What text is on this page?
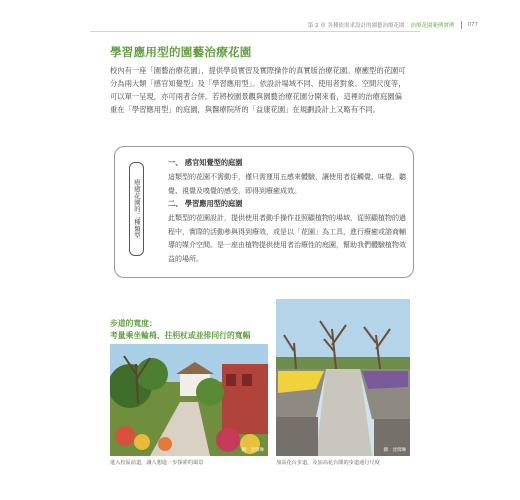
第 2 章 各種依需求設計的園藝治療花園 治療花園範例實例 077
學習應用型的園藝治療花園
校內有一座「園藝治療花園」，提供學員實習及實際操作的真實版治療花園。療癒型的花園可分為兩大類「感官知覺型」及「學習應用型」。依設計場域不同、使用者對象、空間尺度等，可以單一呈現，亦可兩者合併。若將校園景觀與園藝治療花園分開來看，這裡的治療庭園偏重在「學習應用型」的庭園，與醫療院所的「益康花園」在規劃設計上又略有不同。
療癒花園的二種類型
一、 感官知覺型的庭園
這類型的花園不需動手，僅只需運用五感來體驗，讓使用者從觸覺、味覺、聽覺、視覺及嗅覺的感受，即得到療癒成效。
二、 學習應用型的庭園
此類型的花園設計，提供使用者動手操作並照顧植物的場域，從照顧植物的過程中，實際的活動參與得到療效，或是以「花園」為工具，進行療癒或諮商輔導的媒介空間。是一座由植物提供使用者治療性的庭園，幫助我們體驗植物效益的場所。
步道的寬度：
考量乘坐輪椅、拄枴杖或並排同行的寬幅
圖：沈瑞琳
進入校區前道，讓人想進一步探索的風景
圖：沈瑞琳
加高花台步道，及加高花台間的步道通行尺度
